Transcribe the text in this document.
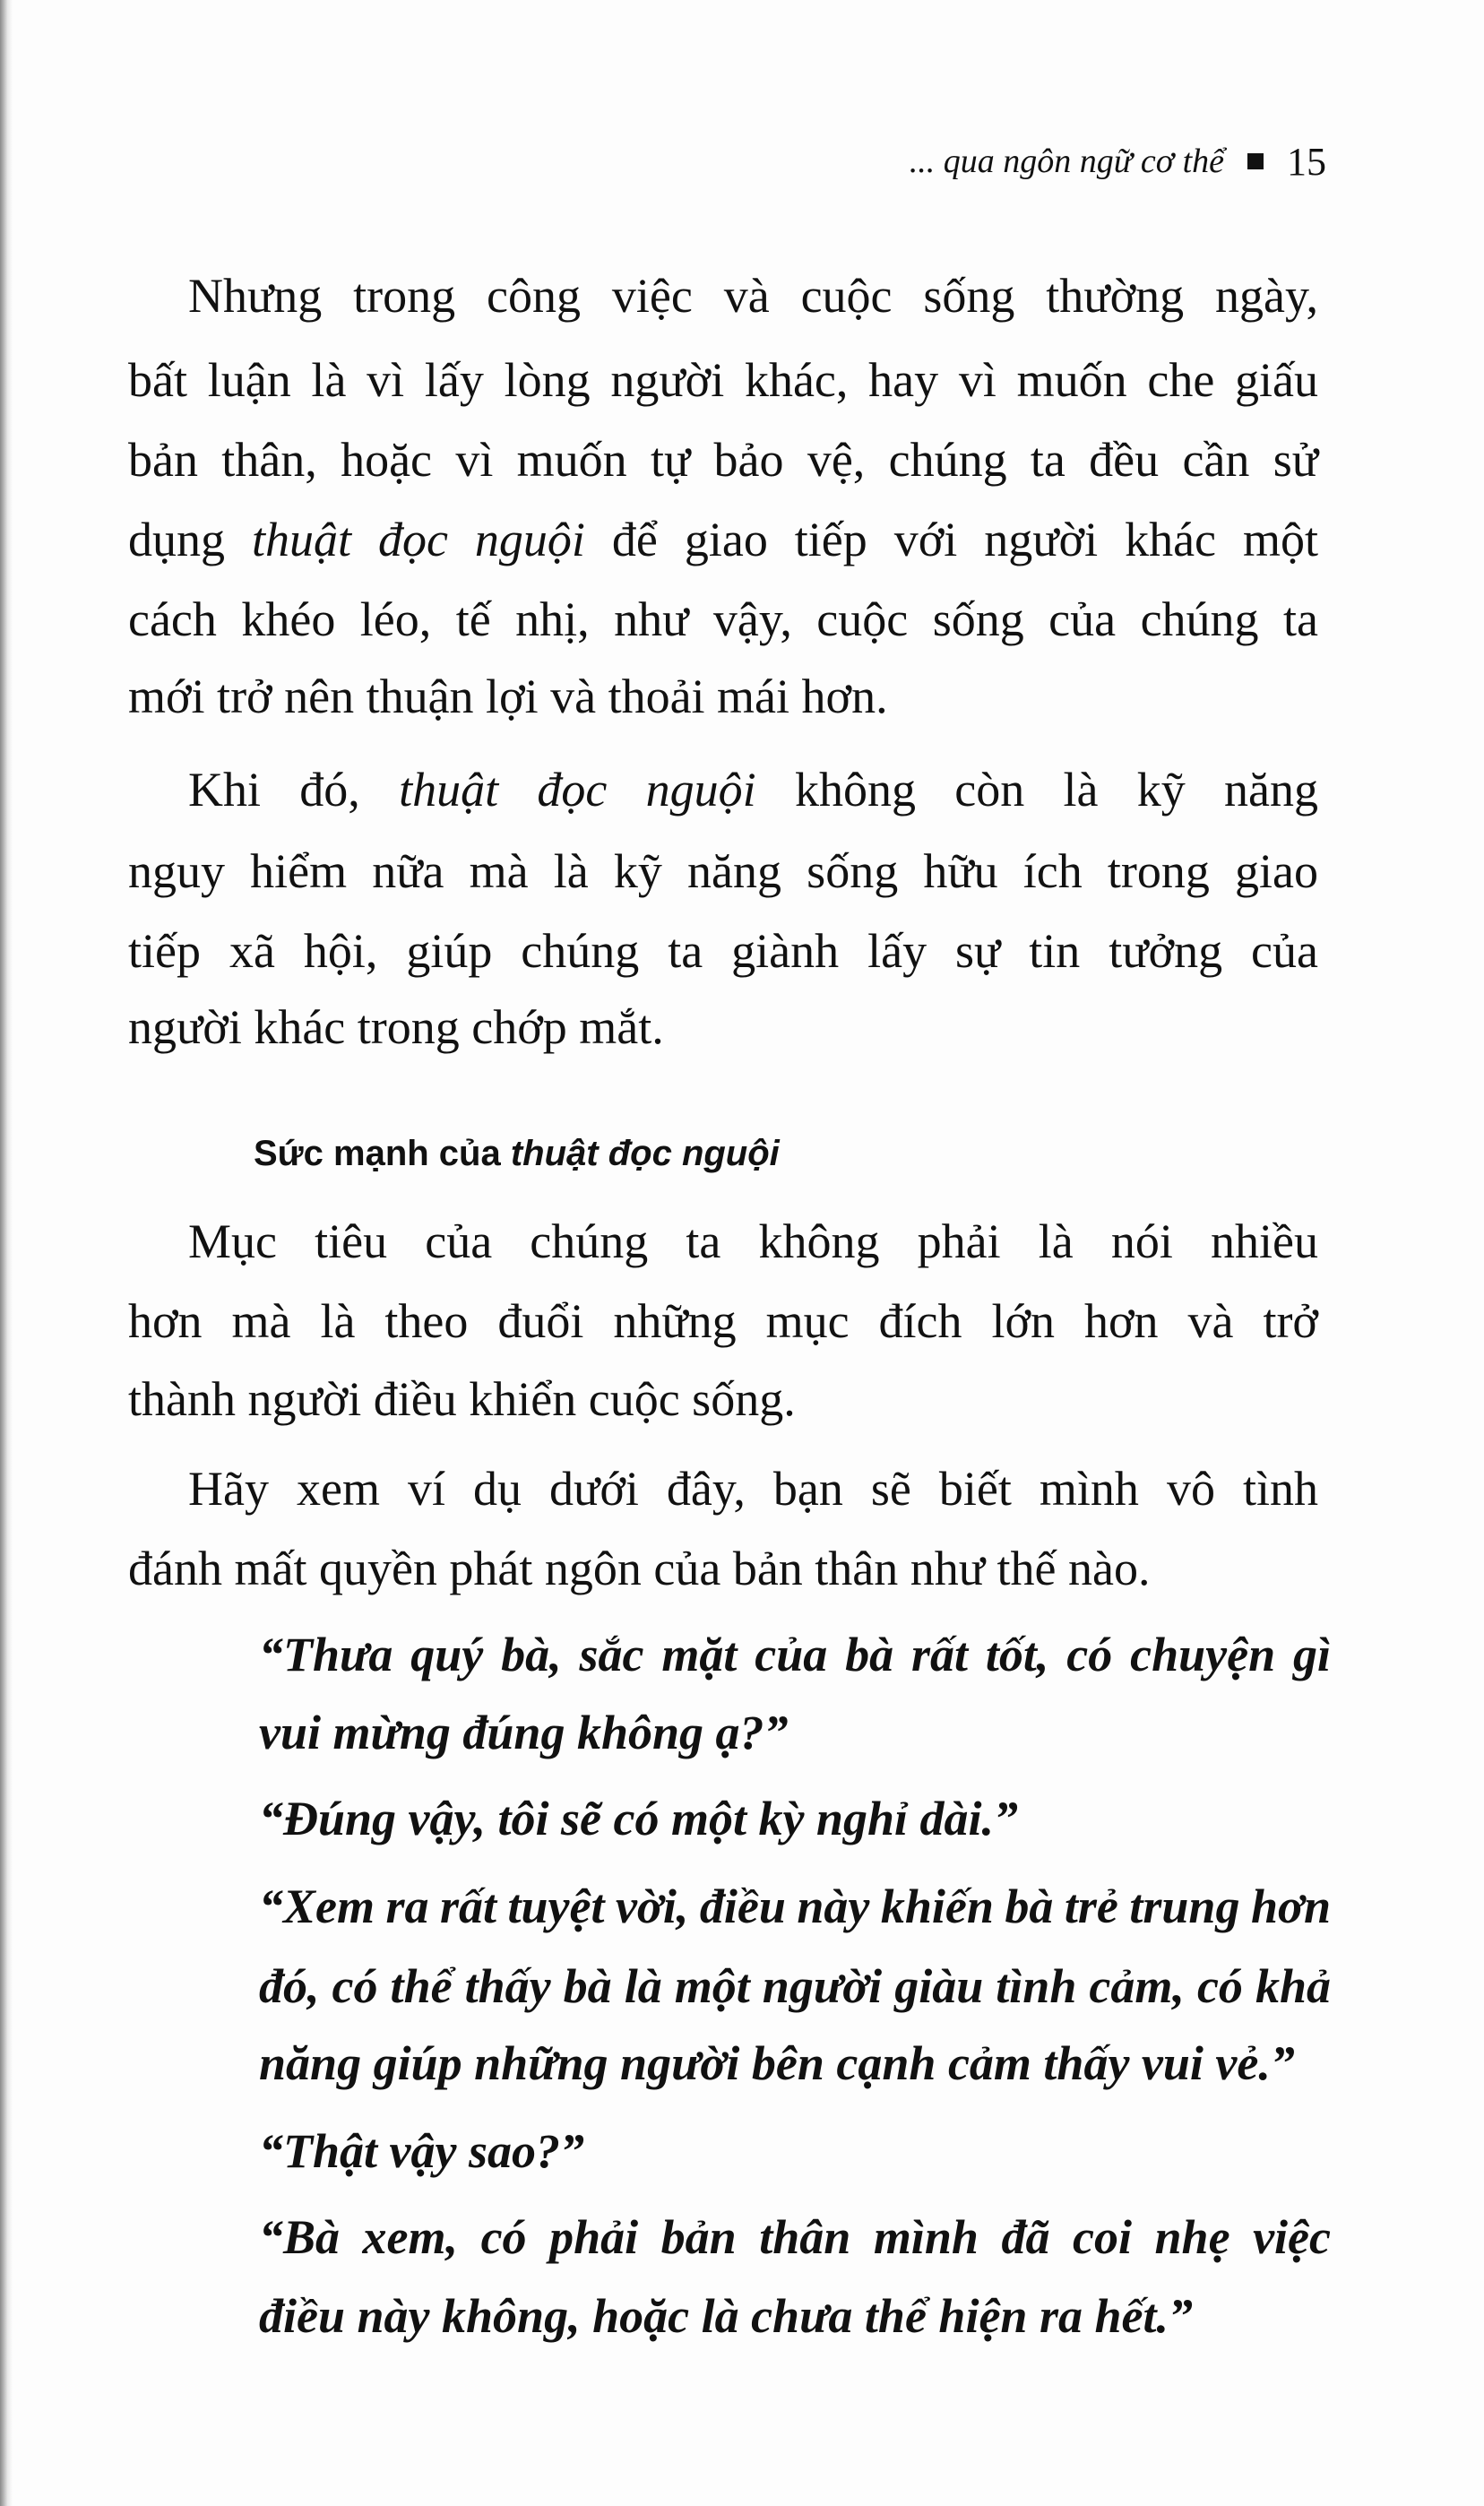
... qua ngôn ngữ cơ thể 15
Nhưng trong công việc và cuộc sống thường ngày,
bất luận là vì lấy lòng người khác, hay vì muốn che giấu
bản thân, hoặc vì muốn tự bảo vệ, chúng ta đều cần sử
dụng thuật đọc nguội để giao tiếp với người khác một
cách khéo léo, tế nhị, như vậy, cuộc sống của chúng ta
mới trở nên thuận lợi và thoải mái hơn.
Khi đó, thuật đọc nguội không còn là kỹ năng
nguy hiểm nữa mà là kỹ năng sống hữu ích trong giao
tiếp xã hội, giúp chúng ta giành lấy sự tin tưởng của
người khác trong chớp mắt.
Mục tiêu của chúng ta không phải là nói nhiều
hơn mà là theo đuổi những mục đích lớn hơn và trở
thành người điều khiển cuộc sống.
Hãy xem ví dụ dưới đây, bạn sẽ biết mình vô tình
đánh mất quyền phát ngôn của bản thân như thế nào.
“Thưa quý bà, sắc mặt của bà rất tốt, có chuyện gì
vui mừng đúng không ạ?”
“Đúng vậy, tôi sẽ có một kỳ nghỉ dài.”
“Xem ra rất tuyệt vời, điều này khiến bà trẻ trung hơn
đó, có thể thấy bà là một người giàu tình cảm, có khả
năng giúp những người bên cạnh cảm thấy vui vẻ.”
“Thật vậy sao?”
“Bà xem, có phải bản thân mình đã coi nhẹ việc
điều này không, hoặc là chưa thể hiện ra hết.”
Sức mạnh của thuật đọc nguội
